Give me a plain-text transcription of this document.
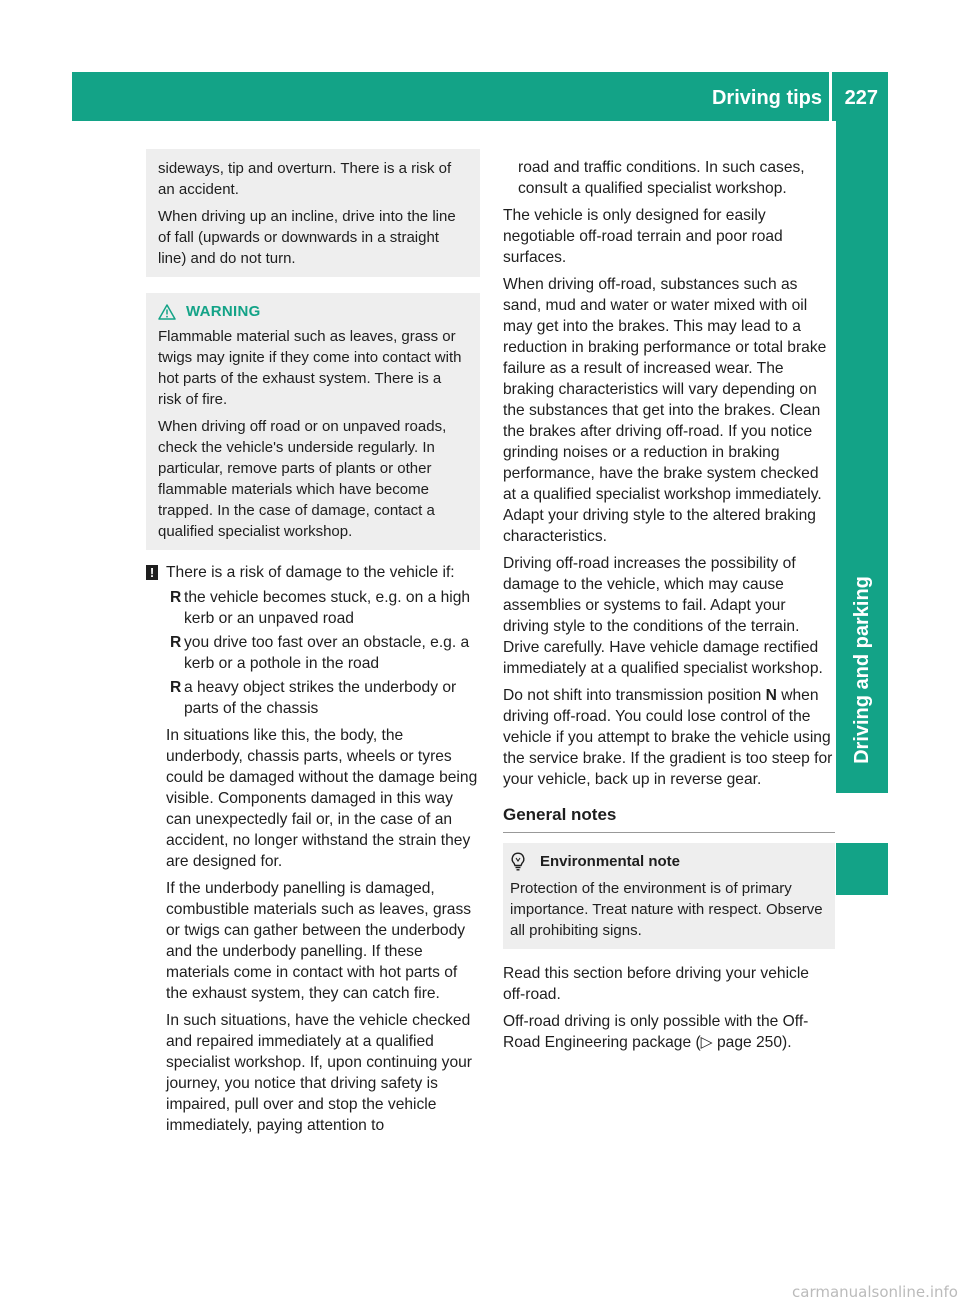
Driving tips 227
Driving and parking

sideways, tip and overturn. There is a risk of an accident.

When driving up an incline, drive into the line of fall (upwards or downwards in a straight line) and do not turn.

WARNING

Flammable material such as leaves, grass or twigs may ignite if they come into contact with hot parts of the exhaust system. There is a risk of fire.

When driving off road or on unpaved roads, check the vehicle's underside regularly. In particular, remove parts of plants or other flammable materials which have become trapped. In the case of damage, contact a qualified specialist workshop.

! There is a risk of damage to the vehicle if:

R the vehicle becomes stuck, e.g. on a high kerb or an unpaved road
R you drive too fast over an obstacle, e.g. a kerb or a pothole in the road
R a heavy object strikes the underbody or parts of the chassis

In situations like this, the body, the underbody, chassis parts, wheels or tyres could be damaged without the damage being visible. Components damaged in this way can unexpectedly fail or, in the case of an accident, no longer withstand the strain they are designed for.

If the underbody panelling is damaged, combustible materials such as leaves, grass or twigs can gather between the underbody and the underbody panelling. If these materials come in contact with hot parts of the exhaust system, they can catch fire.

In such situations, have the vehicle checked and repaired immediately at a qualified specialist workshop. If, upon continuing your journey, you notice that driving safety is impaired, pull over and stop the vehicle immediately, paying attention to

road and traffic conditions. In such cases, consult a qualified specialist workshop.

The vehicle is only designed for easily negotiable off-road terrain and poor road surfaces.

When driving off-road, substances such as sand, mud and water or water mixed with oil may get into the brakes. This may lead to a reduction in braking performance or total brake failure as a result of increased wear. The braking characteristics will vary depending on the substances that get into the brakes. Clean the brakes after driving off-road. If you notice grinding noises or a reduction in braking performance, have the brake system checked at a qualified specialist workshop immediately. Adapt your driving style to the altered braking characteristics.

Driving off-road increases the possibility of damage to the vehicle, which may cause assemblies or systems to fail. Adapt your driving style to the conditions of the terrain. Drive carefully. Have vehicle damage rectified immediately at a qualified specialist workshop.

Do not shift into transmission position N when driving off-road. You could lose control of the vehicle if you attempt to brake the vehicle using the service brake. If the gradient is too steep for your vehicle, back up in reverse gear.

General notes
Environmental note

Protection of the environment is of primary importance. Treat nature with respect. Observe all prohibiting signs.

Read this section before driving your vehicle off-road.

Off-road driving is only possible with the Off-Road Engineering package (▷ page 250).

carmanualsonline.info
